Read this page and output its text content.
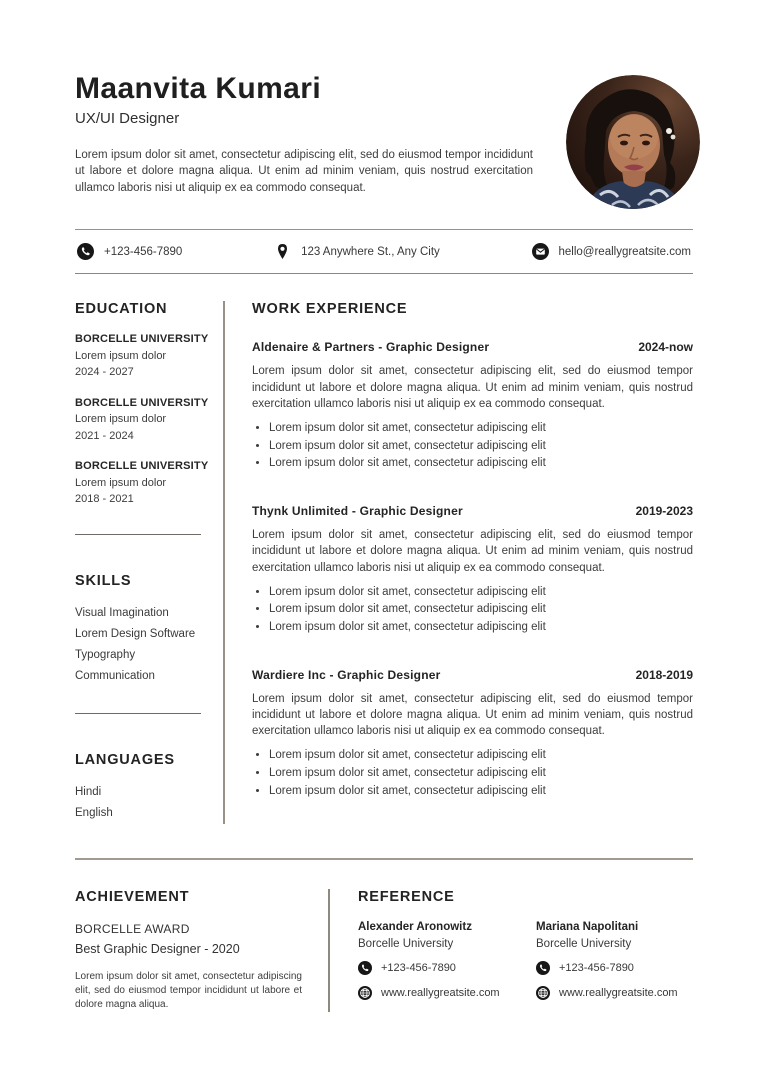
Maanvita Kumari
UX/UI Designer

Lorem ipsum dolor sit amet, consectetur adipiscing elit, sed do eiusmod tempor incididunt ut labore et dolore magna aliqua. Ut enim ad minim veniam, quis nostrud exercitation ullamco laboris nisi ut aliquip ex ea commodo consequat.

+123-456-7890	123 Anywhere St., Any City	hello@reallygreatsite.com
EDUCATION
BORCELLE UNIVERSITY
Lorem ipsum dolor
2024 - 2027
BORCELLE UNIVERSITY
Lorem ipsum dolor
2021 - 2024
BORCELLE UNIVERSITY
Lorem ipsum dolor
2018 - 2021
SKILLS
Visual Imagination
Lorem Design Software
Typography
Communication
LANGUAGES
Hindi
English
WORK EXPERIENCE
Aldenaire & Partners - Graphic Designer	2024-now

Lorem ipsum dolor sit amet, consectetur adipiscing elit, sed do eiusmod tempor incididunt ut labore et dolore magna aliqua. Ut enim ad minim veniam, quis nostrud exercitation ullamco laboris nisi ut aliquip ex ea commodo consequat.

• Lorem ipsum dolor sit amet, consectetur adipiscing elit
• Lorem ipsum dolor sit amet, consectetur adipiscing elit
• Lorem ipsum dolor sit amet, consectetur adipiscing elit
Thynk Unlimited - Graphic Designer	2019-2023

Lorem ipsum dolor sit amet, consectetur adipiscing elit, sed do eiusmod tempor incididunt ut labore et dolore magna aliqua. Ut enim ad minim veniam, quis nostrud exercitation ullamco laboris nisi ut aliquip ex ea commodo consequat.

• Lorem ipsum dolor sit amet, consectetur adipiscing elit
• Lorem ipsum dolor sit amet, consectetur adipiscing elit
• Lorem ipsum dolor sit amet, consectetur adipiscing elit
Wardiere Inc - Graphic Designer	2018-2019

Lorem ipsum dolor sit amet, consectetur adipiscing elit, sed do eiusmod tempor incididunt ut labore et dolore magna aliqua. Ut enim ad minim veniam, quis nostrud exercitation ullamco laboris nisi ut aliquip ex ea commodo consequat.

• Lorem ipsum dolor sit amet, consectetur adipiscing elit
• Lorem ipsum dolor sit amet, consectetur adipiscing elit
• Lorem ipsum dolor sit amet, consectetur adipiscing elit
ACHIEVEMENT
BORCELLE AWARD
Best Graphic Designer - 2020

Lorem ipsum dolor sit amet, consectetur adipiscing elit, sed do eiusmod tempor incididunt ut labore et dolore magna aliqua.

REFERENCE
Alexander Aronowitz
Borcelle University
+123-456-7890
www.reallygreatsite.com
Mariana Napolitani
Borcelle University
+123-456-7890
www.reallygreatsite.com
